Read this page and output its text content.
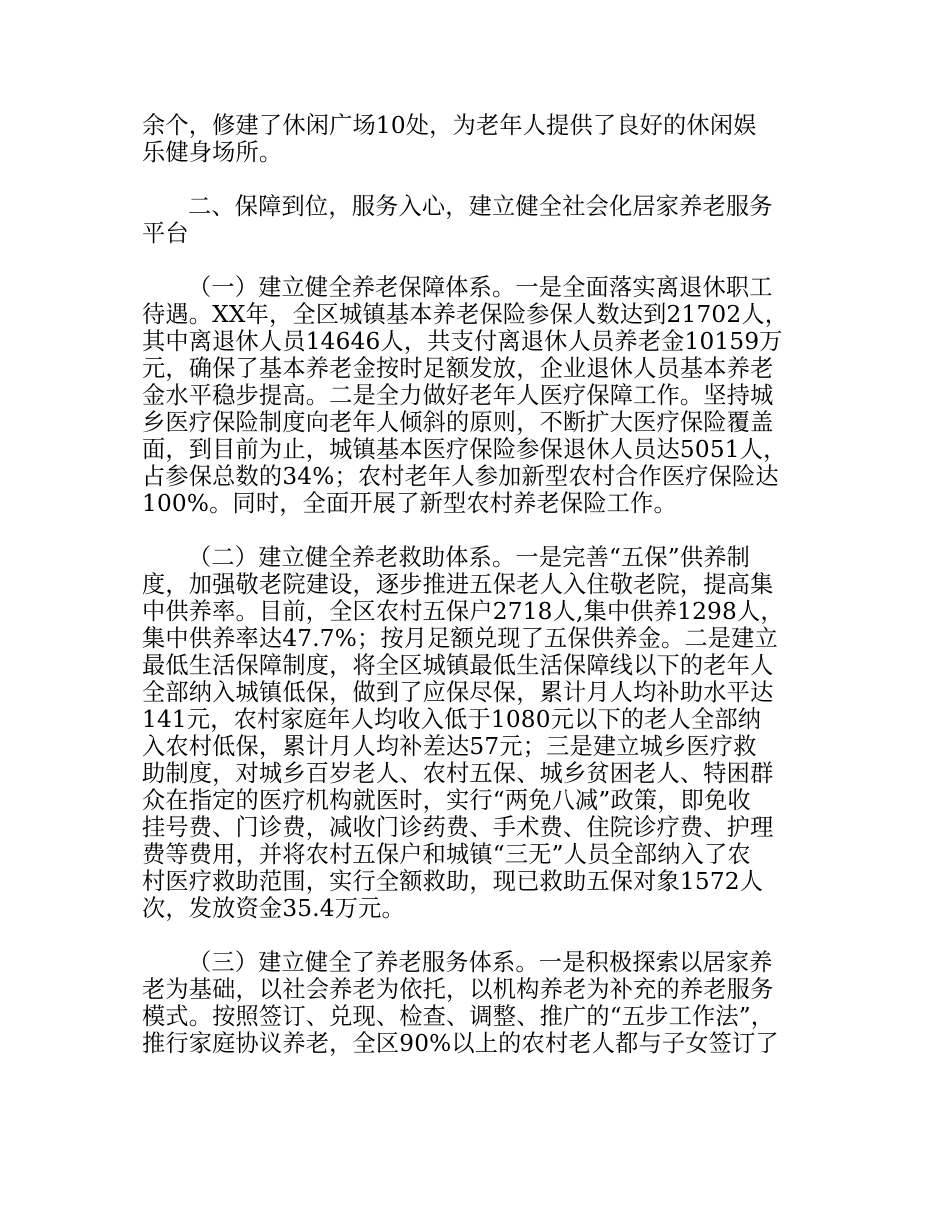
余个，修建了休闲广场10处，为老年人提供了良好的休闲娱
乐健身场所。
二、保障到位，服务入心，建立健全社会化居家养老服务
平台
（一）建立健全养老保障体系。一是全面落实离退休职工
待遇。XX年，全区城镇基本养老保险参保人数达到21702人，
其中离退休人员14646人，共支付离退休人员养老金10159万
元，确保了基本养老金按时足额发放，企业退休人员基本养老
金水平稳步提高。二是全力做好老年人医疗保障工作。坚持城
乡医疗保险制度向老年人倾斜的原则，不断扩大医疗保险覆盖
面，到目前为止，城镇基本医疗保险参保退休人员达5051人，
占参保总数的34%；农村老年人参加新型农村合作医疗保险达
100%。同时，全面开展了新型农村养老保险工作。
（二）建立健全养老救助体系。一是完善“五保”供养制
度，加强敬老院建设，逐步推进五保老人入住敬老院，提高集
中供养率。目前，全区农村五保户2718人,集中供养1298人，
集中供养率达47.7%；按月足额兑现了五保供养金。二是建立
最低生活保障制度，将全区城镇最低生活保障线以下的老年人
全部纳入城镇低保，做到了应保尽保，累计月人均补助水平达
141元，农村家庭年人均收入低于1080元以下的老人全部纳
入农村低保，累计月人均补差达57元；三是建立城乡医疗救
助制度，对城乡百岁老人、农村五保、城乡贫困老人、特困群
众在指定的医疗机构就医时，实行“两免八减”政策，即免收
挂号费、门诊费，减收门诊药费、手术费、住院诊疗费、护理
费等费用，并将农村五保户和城镇“三无”人员全部纳入了农
村医疗救助范围，实行全额救助，现已救助五保对象1572人
次，发放资金35.4万元。
（三）建立健全了养老服务体系。一是积极探索以居家养
老为基础，以社会养老为依托，以机构养老为补充的养老服务
模式。按照签订、兑现、检查、调整、推广的“五步工作法”，
推行家庭协议养老，全区90%以上的农村老人都与子女签订了
